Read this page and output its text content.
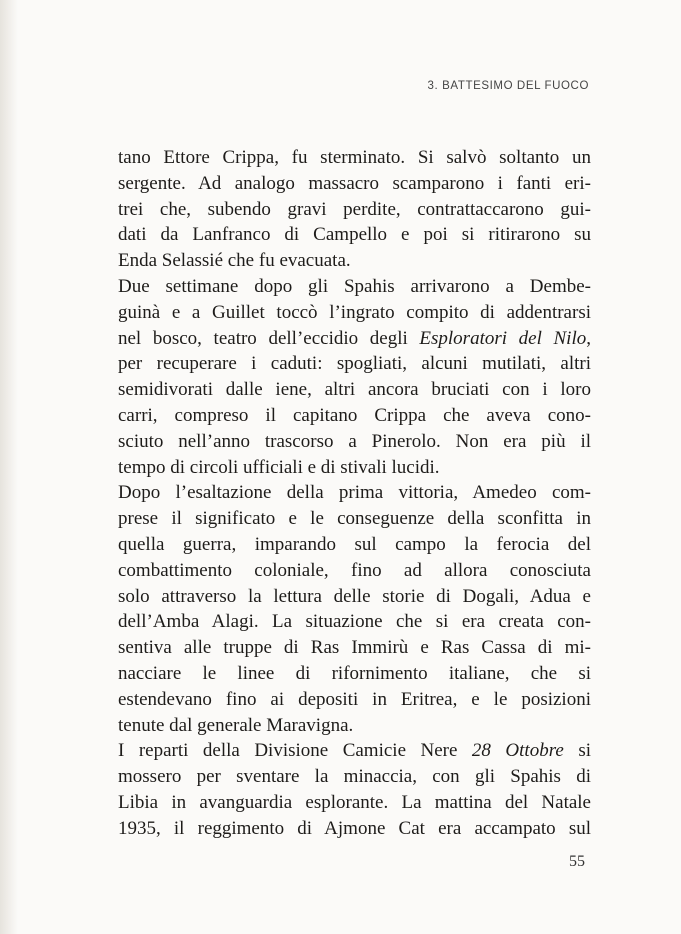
3. BATTESIMO DEL FUOCO
tano Ettore Crippa, fu sterminato. Si salvò soltanto un
sergente. Ad analogo massacro scamparono i fanti eri-
trei che, subendo gravi perdite, contrattaccarono gui-
dati da Lanfranco di Campello e poi si ritirarono su
Enda Selassié che fu evacuata.
Due settimane dopo gli Spahis arrivarono a Dembe-
guinà e a Guillet toccò l’ingrato compito di addentrarsi
nel bosco, teatro dell’eccidio degli Esploratori del Nilo,
per recuperare i caduti: spogliati, alcuni mutilati, altri
semidivorati dalle iene, altri ancora bruciati con i loro
carri, compreso il capitano Crippa che aveva cono-
sciuto nell’anno trascorso a Pinerolo. Non era più il
tempo di circoli ufficiali e di stivali lucidi.
Dopo l’esaltazione della prima vittoria, Amedeo com-
prese il significato e le conseguenze della sconfitta in
quella guerra, imparando sul campo la ferocia del
combattimento coloniale, fino ad allora conosciuta
solo attraverso la lettura delle storie di Dogali, Adua e
dell’Amba Alagi. La situazione che si era creata con-
sentiva alle truppe di Ras Immirù e Ras Cassa di mi-
nacciare le linee di rifornimento italiane, che si
estendevano fino ai depositi in Eritrea, e le posizioni
tenute dal generale Maravigna.
I reparti della Divisione Camicie Nere 28 Ottobre si
mossero per sventare la minaccia, con gli Spahis di
Libia in avanguardia esplorante. La mattina del Natale
1935, il reggimento di Ajmone Cat era accampato sul
55
